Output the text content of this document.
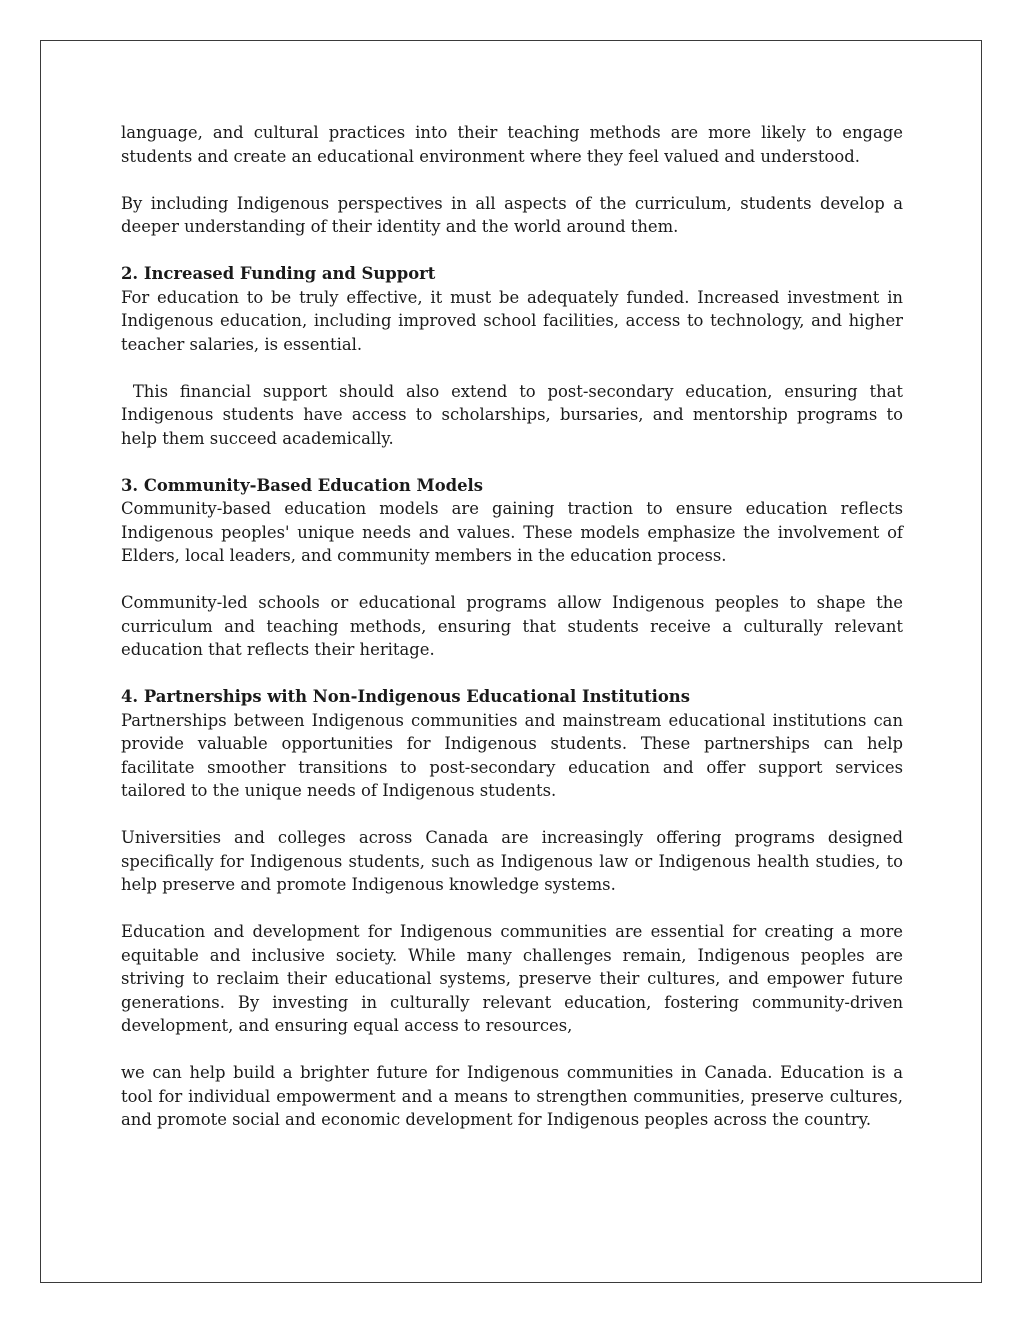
language, and cultural practices into their teaching methods are more likely to engage students and create an educational environment where they feel valued and understood.

By including Indigenous perspectives in all aspects of the curriculum, students develop a deeper understanding of their identity and the world around them.

2. Increased Funding and Support

For education to be truly effective, it must be adequately funded. Increased investment in Indigenous education, including improved school facilities, access to technology, and higher teacher salaries, is essential.

This financial support should also extend to post-secondary education, ensuring that Indigenous students have access to scholarships, bursaries, and mentorship programs to help them succeed academically.

3. Community-Based Education Models

Community-based education models are gaining traction to ensure education reflects Indigenous peoples' unique needs and values. These models emphasize the involvement of Elders, local leaders, and community members in the education process.

Community-led schools or educational programs allow Indigenous peoples to shape the curriculum and teaching methods, ensuring that students receive a culturally relevant education that reflects their heritage.

4. Partnerships with Non-Indigenous Educational Institutions

Partnerships between Indigenous communities and mainstream educational institutions can provide valuable opportunities for Indigenous students. These partnerships can help facilitate smoother transitions to post-secondary education and offer support services tailored to the unique needs of Indigenous students.

Universities and colleges across Canada are increasingly offering programs designed specifically for Indigenous students, such as Indigenous law or Indigenous health studies, to help preserve and promote Indigenous knowledge systems.

Education and development for Indigenous communities are essential for creating a more equitable and inclusive society. While many challenges remain, Indigenous peoples are striving to reclaim their educational systems, preserve their cultures, and empower future generations. By investing in culturally relevant education, fostering community-driven development, and ensuring equal access to resources,

we can help build a brighter future for Indigenous communities in Canada. Education is a tool for individual empowerment and a means to strengthen communities, preserve cultures, and promote social and economic development for Indigenous peoples across the country.
